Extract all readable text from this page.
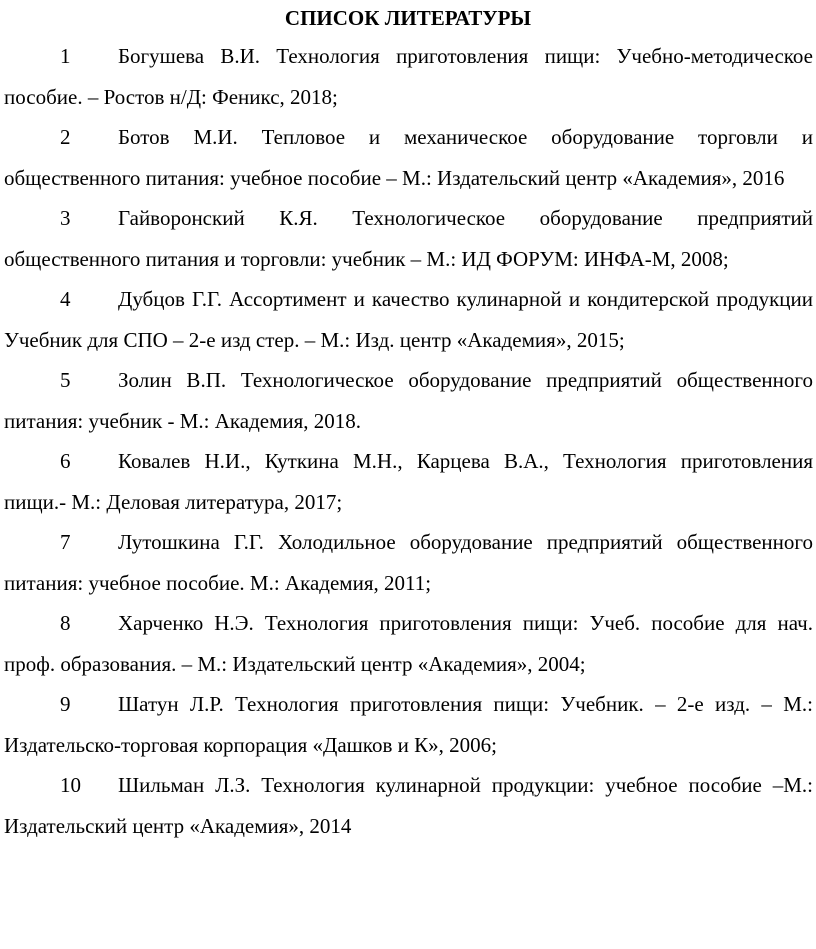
СПИСОК ЛИТЕРАТУРЫ

1 Богушева В.И. Технология приготовления пищи: Учебно-методическое пособие. – Ростов н/Д: Феникс, 2018;

2 Ботов М.И. Тепловое и механическое оборудование торговли и общественного питания: учебное пособие – М.: Издательский центр «Академия», 2016

3 Гайворонский К.Я. Технологическое оборудование предприятий общественного питания и торговли: учебник – М.: ИД ФОРУМ: ИНФА-М, 2008;

4 Дубцов Г.Г. Ассортимент и качество кулинарной и кондитерской продукции Учебник для СПО – 2-е изд стер. – М.: Изд. центр «Академия», 2015;

5 Золин В.П. Технологическое оборудование предприятий общественного питания: учебник - М.: Академия, 2018.

6 Ковалев Н.И., Куткина М.Н., Карцева В.А., Технология приготовления пищи.- М.: Деловая литература, 2017;

7 Лутошкина Г.Г. Холодильное оборудование предприятий общественного питания: учебное пособие. М.: Академия, 2011;

8 Харченко Н.Э. Технология приготовления пищи: Учеб. пособие для нач. проф. образования. – М.: Издательский центр «Академия», 2004;

9 Шатун Л.Р. Технология приготовления пищи: Учебник. – 2-е изд. – М.: Издательско-торговая корпорация «Дашков и К», 2006;

10 Шильман Л.З. Технология кулинарной продукции: учебное пособие –М.: Издательский центр «Академия», 2014
